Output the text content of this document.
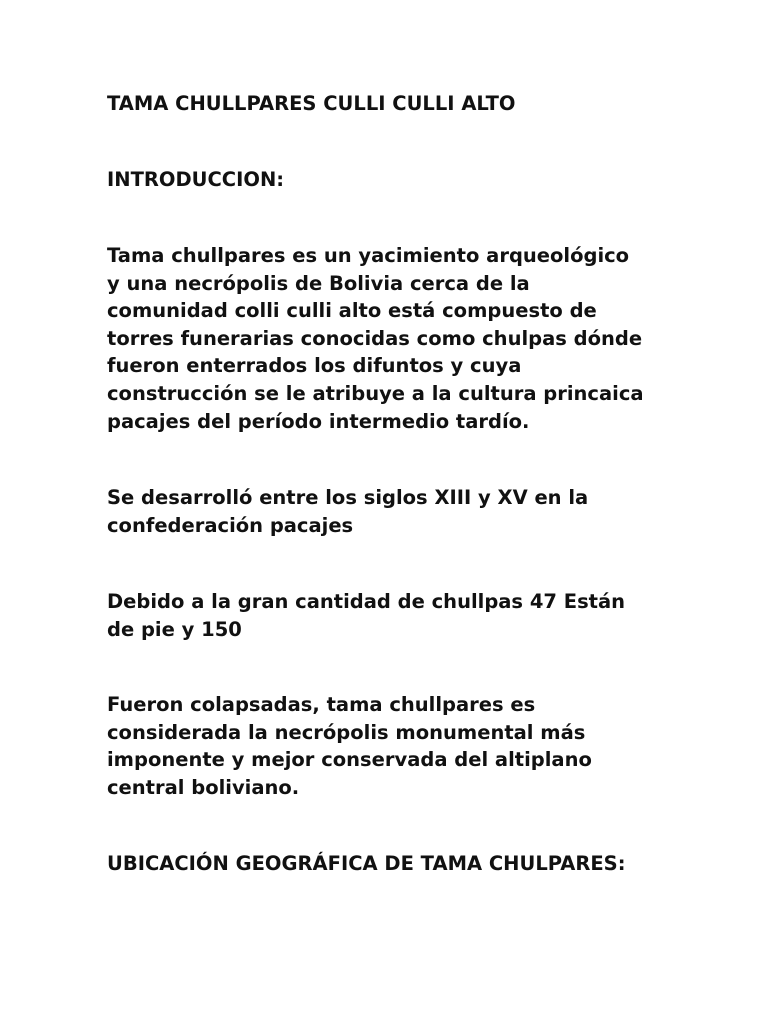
TAMA CHULLPARES CULLI CULLI ALTO

INTRODUCCION:

Tama chullpares es un yacimiento arqueológico
y una necrópolis de Bolivia cerca de la
comunidad colli culli alto está compuesto de
torres funerarias conocidas como chulpas dónde
fueron enterrados los difuntos y cuya
construcción se le atribuye a la cultura princaica
pacajes del período intermedio tardío.
Se desarrolló entre los siglos XIII y XV en la
confederación pacajes
Debido a la gran cantidad de chullpas 47 Están
de pie y 150
Fueron colapsadas, tama chullpares es
considerada la necrópolis monumental más
imponente y mejor conservada del altiplano
central boliviano.

UBICACIÓN GEOGRÁFICA DE TAMA CHULPARES:
